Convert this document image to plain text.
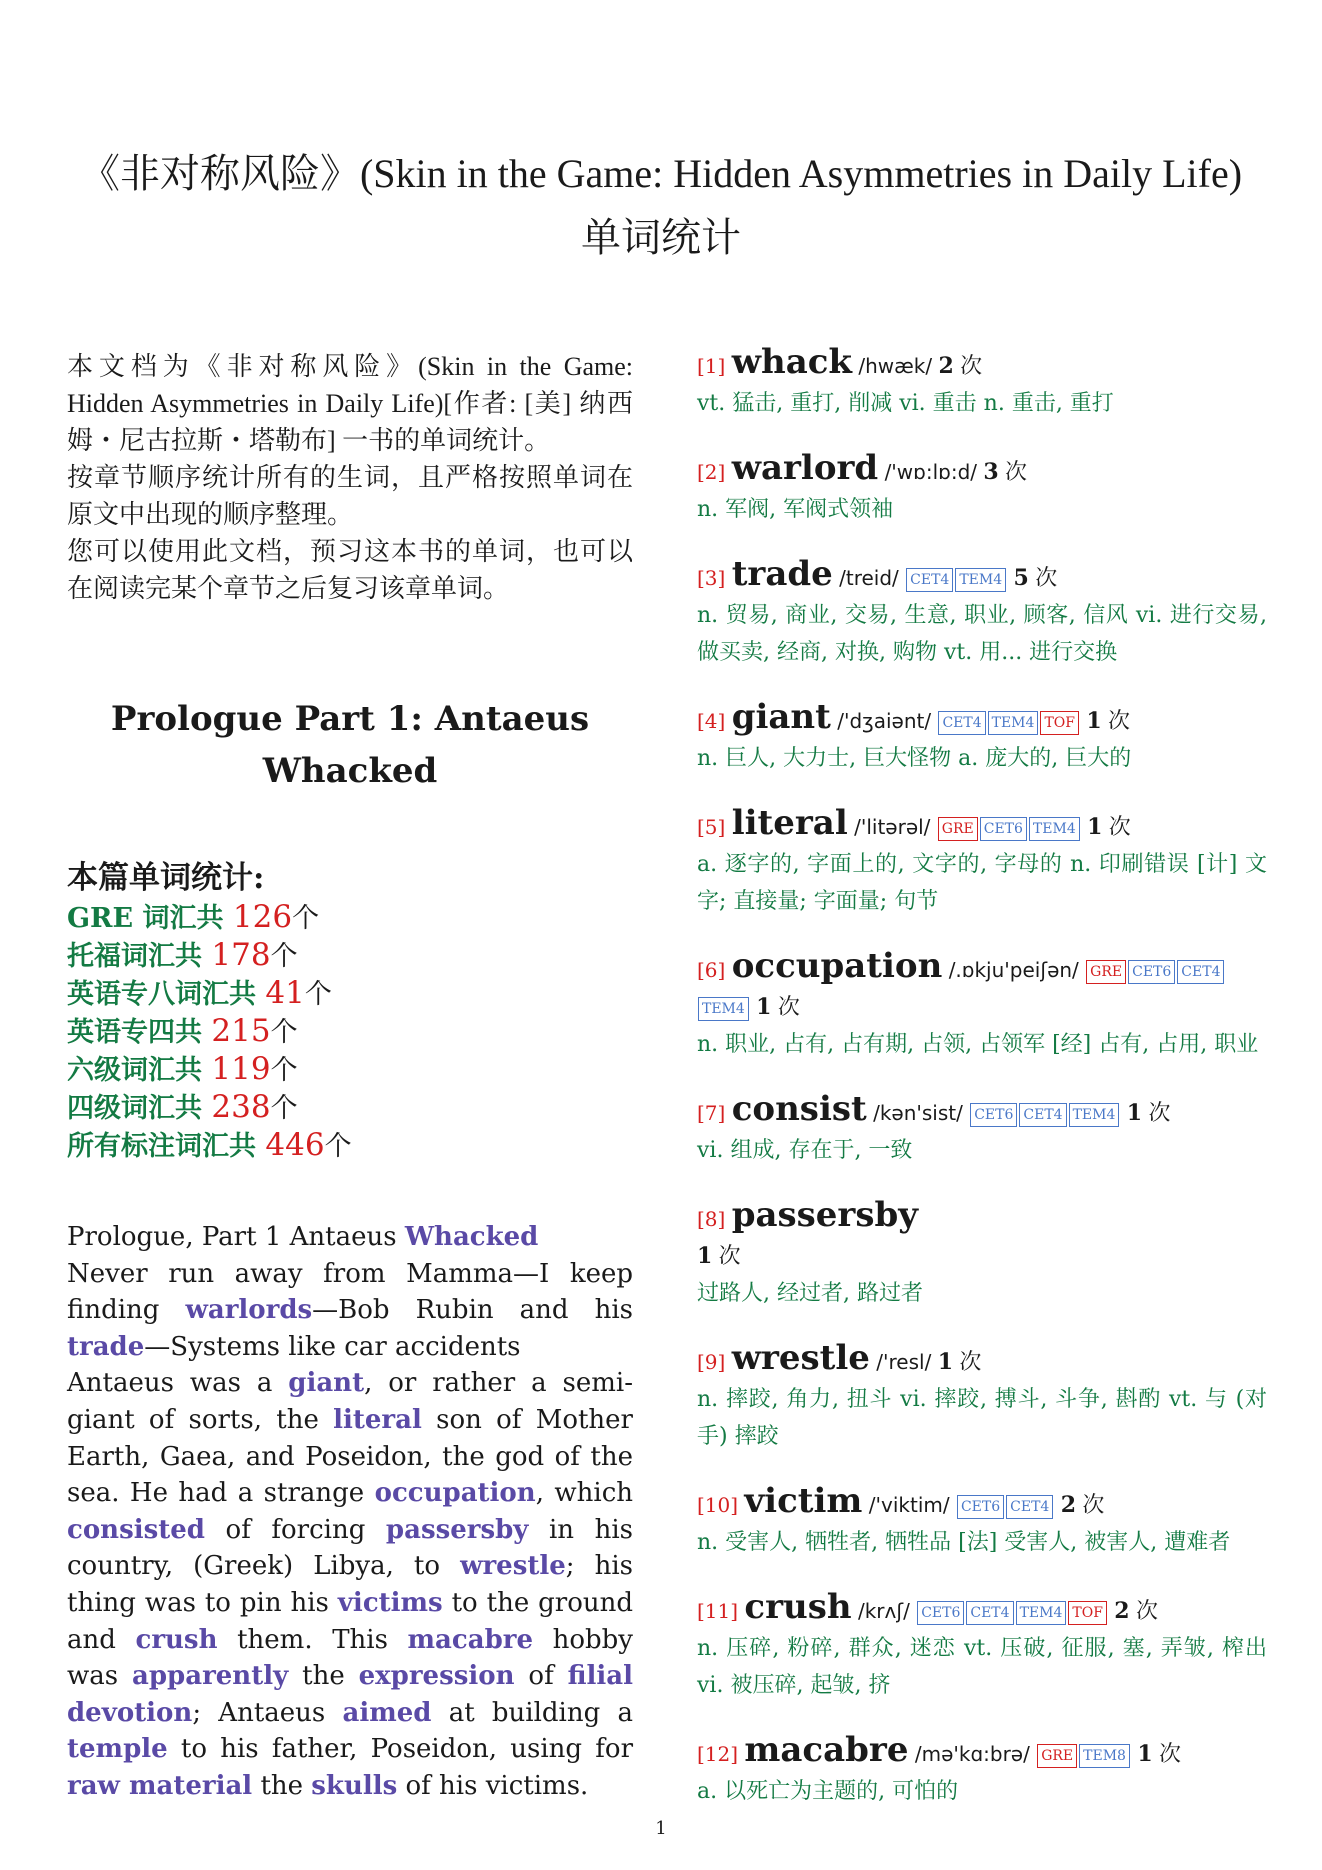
《非对称风险》(Skin in the Game: Hidden Asymmetries in Daily Life) 单词统计

本文档为《非对称风险》(Skin in the Game: Hidden Asymmetries in Daily Life)[作者: [美] 纳西姆・尼古拉斯・塔勒布] 一书的单词统计。

按章节顺序统计所有的生词，且严格按照单词在原文中出现的顺序整理。

您可以使用此文档，预习这本书的单词，也可以在阅读完某个章节之后复习该章单词。

Prologue Part 1: Antaeus Whacked
本篇单词统计:
GRE 词汇共 126个
托福词汇共 178个
英语专八词汇共 41个
英语专四共 215个
六级词汇共 119个
四级词汇共 238个
所有标注词汇共 446个

Prologue, Part 1 Antaeus Whacked

Never run away from Mamma—I keep finding warlords—Bob Rubin and his trade—Systems like car accidents

Antaeus was a giant, or rather a semi-giant of sorts, the literal son of Mother Earth, Gaea, and Poseidon, the god of the sea. He had a strange occupation, which consisted of forcing passersby in his country, (Greek) Libya, to wrestle; his thing was to pin his victims to the ground and crush them. This macabre hobby was apparently the expression of filial devotion; Antaeus aimed at building a temple to his father, Poseidon, using for raw material the skulls of his victims.

[1] whack /hwæk/ 2 次
vt. 猛击, 重打, 削减 vi. 重击 n. 重击, 重打
[2] warlord /'wɒ:lɒ:d/ 3 次
n. 军阀, 军阀式领袖
[3] trade /treid/ CET4 TEM4 5 次
n. 贸易, 商业, 交易, 生意, 职业, 顾客, 信风 vi. 进行交易, 做买卖, 经商, 对换, 购物 vt. 用... 进行交换
[4] giant /'dʒaiənt/ CET4 TEM4 TOF 1 次
n. 巨人, 大力士, 巨大怪物 a. 庞大的, 巨大的
[5] literal /'litərəl/ GRE CET6 TEM4 1 次
a. 逐字的, 字面上的, 文字的, 字母的 n. 印刷错误 [计] 文字; 直接量; 字面量; 句节
[6] occupation /.ɒkju'peiʃən/ GRE CET6 CET4TEM4 1 次
n. 职业, 占有, 占有期, 占领, 占领军 [经] 占有, 占用, 职业
[7] consist /kən'sist/ CET6 CET4 TEM4 1 次
vi. 组成, 存在于, 一致
[8] passersby
1 次
过路人, 经过者, 路过者
[9] wrestle /'resl/ 1 次
n. 摔跤, 角力, 扭斗 vi. 摔跤, 搏斗, 斗争, 斟酌 vt. 与 (对手) 摔跤
[10] victim /'viktim/ CET6 CET4 2 次
n. 受害人, 牺牲者, 牺牲品 [法] 受害人, 被害人, 遭难者
[11] crush /krʌʃ/ CET6 CET4 TEM4 TOF 2 次
n. 压碎, 粉碎, 群众, 迷恋 vt. 压破, 征服, 塞, 弄皱, 榨出 vi. 被压碎, 起皱, 挤
[12] macabre /mə'kɑ:brə/ GRE TEM8 1 次
a. 以死亡为主题的, 可怕的
1
